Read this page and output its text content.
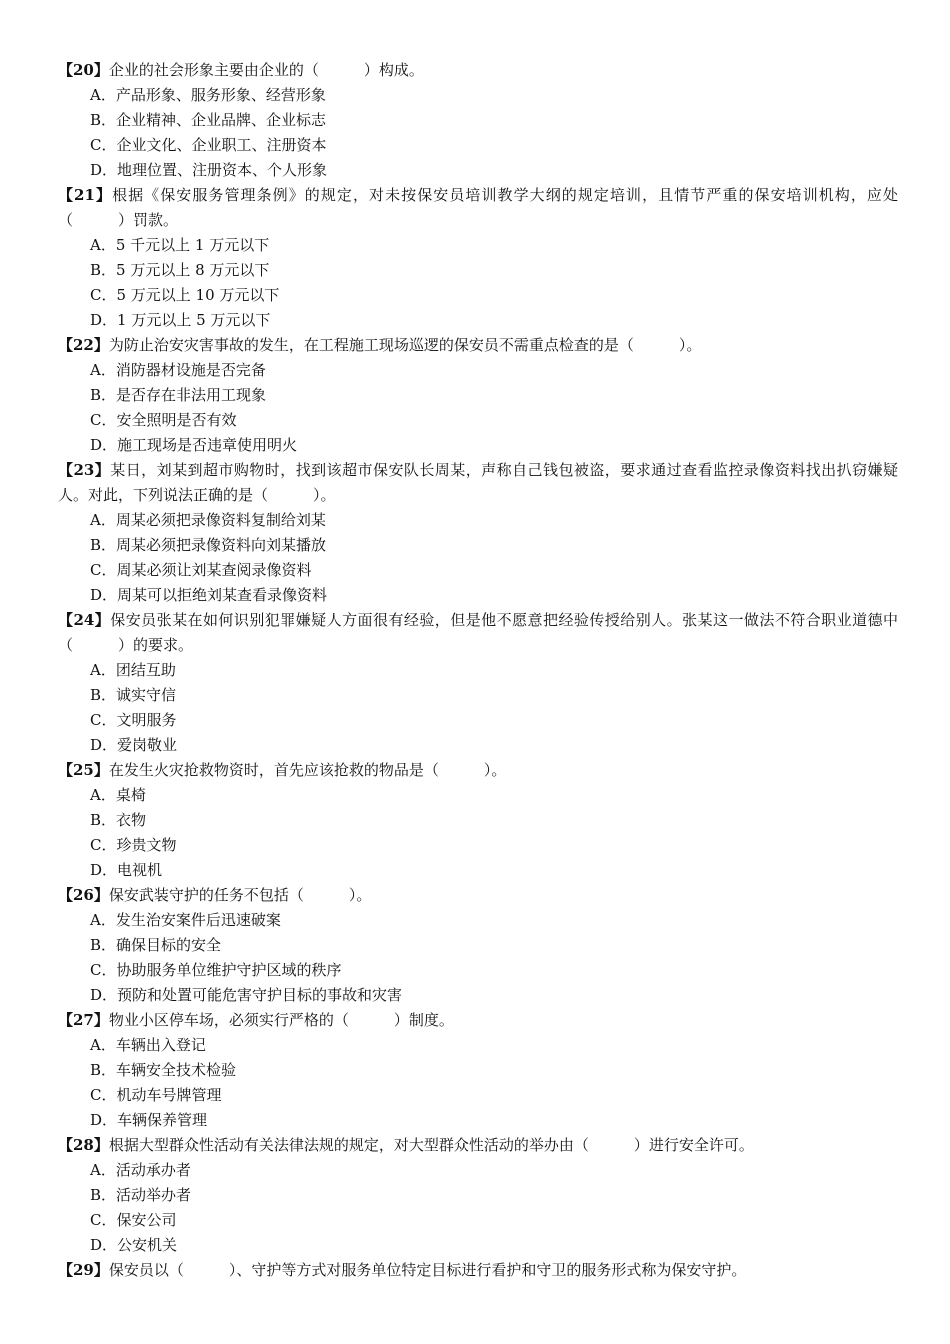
【20】企业的社会形象主要由企业的（　　　）构成。
A．产品形象、服务形象、经营形象
B．企业精神、企业品牌、企业标志
C．企业文化、企业职工、注册资本
D．地理位置、注册资本、个人形象
【21】根据《保安服务管理条例》的规定，对未按保安员培训教学大纲的规定培训，且情节严重的保安培训机构，应处（　　　）罚款。
A．5 千元以上 1 万元以下
B．5 万元以上 8 万元以下
C．5 万元以上 10 万元以下
D．1 万元以上 5 万元以下
【22】为防止治安灾害事故的发生，在工程施工现场巡逻的保安员不需重点检查的是（　　　）。
A．消防器材设施是否完备
B．是否存在非法用工现象
C．安全照明是否有效
D．施工现场是否违章使用明火
【23】某日，刘某到超市购物时，找到该超市保安队长周某，声称自己钱包被盗，要求通过查看监控录像资料找出扒窃嫌疑人。对此，下列说法正确的是（　　　）。
A．周某必须把录像资料复制给刘某
B．周某必须把录像资料向刘某播放
C．周某必须让刘某查阅录像资料
D．周某可以拒绝刘某查看录像资料
【24】保安员张某在如何识别犯罪嫌疑人方面很有经验，但是他不愿意把经验传授给别人。张某这一做法不符合职业道德中（　　　）的要求。
A．团结互助
B．诚实守信
C．文明服务
D．爱岗敬业
【25】在发生火灾抢救物资时，首先应该抢救的物品是（　　　）。
A．桌椅
B．衣物
C．珍贵文物
D．电视机
【26】保安武装守护的任务不包括（　　　）。
A．发生治安案件后迅速破案
B．确保目标的安全
C．协助服务单位维护守护区域的秩序
D．预防和处置可能危害守护目标的事故和灾害
【27】物业小区停车场，必须实行严格的（　　　）制度。
A．车辆出入登记
B．车辆安全技术检验
C．机动车号牌管理
D．车辆保养管理
【28】根据大型群众性活动有关法律法规的规定，对大型群众性活动的举办由（　　　）进行安全许可。
A．活动承办者
B．活动举办者
C．保安公司
D．公安机关
【29】保安员以（　　　）、守护等方式对服务单位特定目标进行看护和守卫的服务形式称为保安守护。
